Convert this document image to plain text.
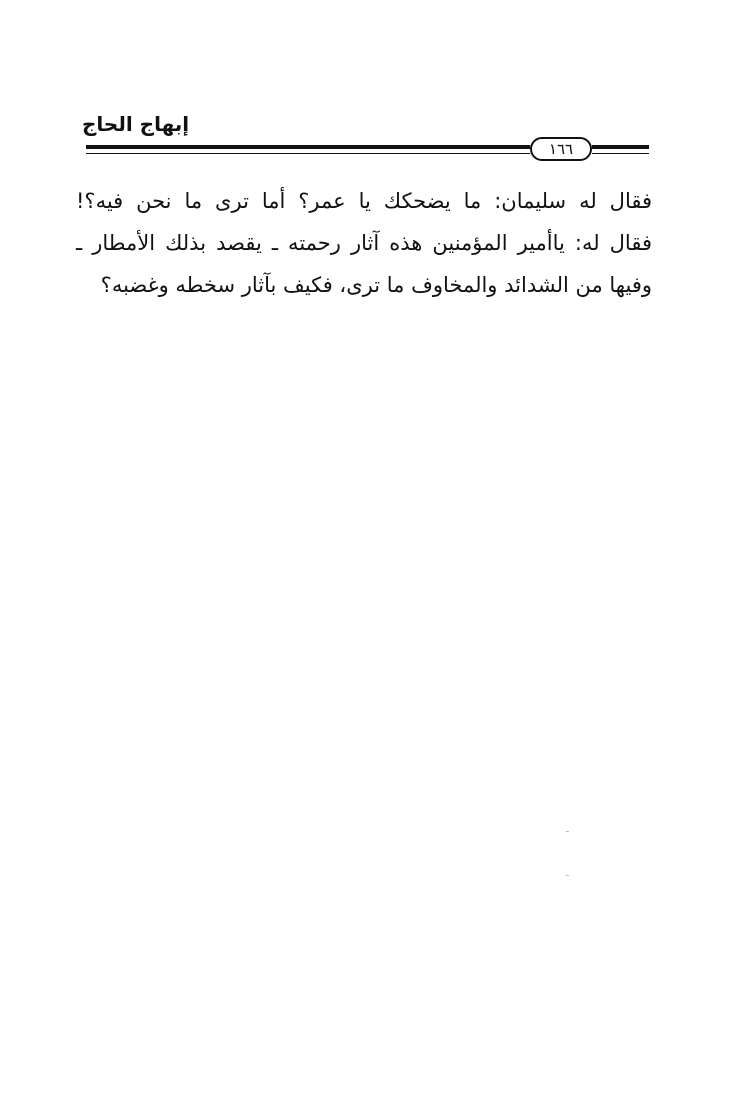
إبهاج الحاج
١٦٦
فقال له سليمان: ما يضحكك يا عمر؟ أما ترى ما نحن فيه؟!
فقال له: ياأمير المؤمنين هذه آثار رحمته ـ يقصد بذلك الأمطار ـ
وفيها من الشدائد والمخاوف ما ترى، فكيف بآثار سخطه وغضبه؟
